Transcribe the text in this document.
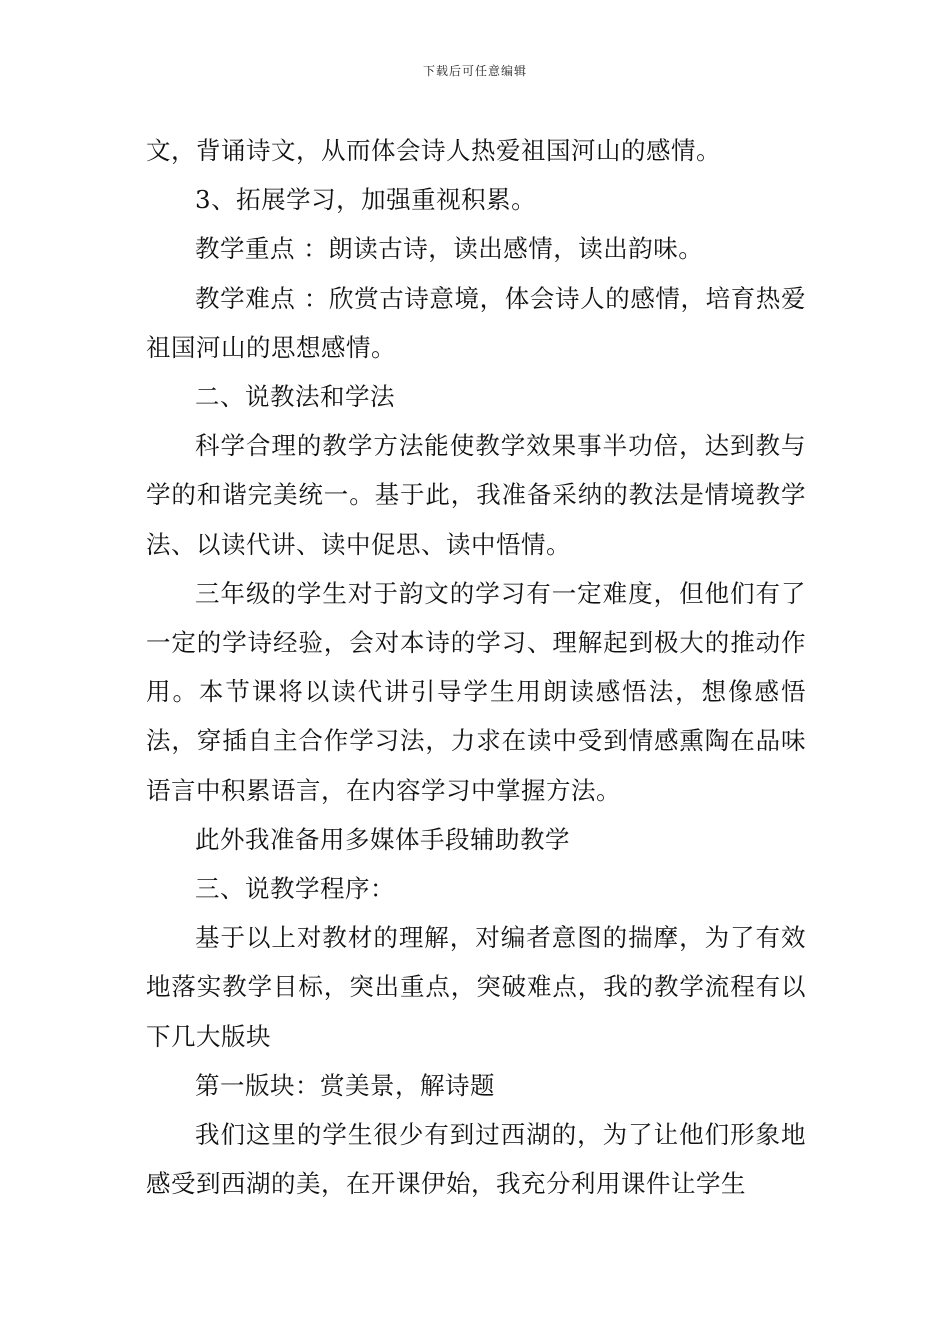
下载后可任意编辑

文，背诵诗文，从而体会诗人热爱祖国河山的感情。

3、拓展学习，加强重视积累。

教学重点 ：朗读古诗，读出感情，读出韵味。

教学难点 ：欣赏古诗意境，体会诗人的感情，培育热爱祖国河山的思想感情。

二、说教法和学法

科学合理的教学方法能使教学效果事半功倍，达到教与学的和谐完美统一。基于此，我准备采纳的教法是情境教学法、以读代讲、读中促思、读中悟情。

三年级的学生对于韵文的学习有一定难度，但他们有了一定的学诗经验，会对本诗的学习、理解起到极大的推动作用。本节课将以读代讲引导学生用朗读感悟法，想像感悟法，穿插自主合作学习法，力求在读中受到情感熏陶在品味语言中积累语言，在内容学习中掌握方法。

此外我准备用多媒体手段辅助教学

三、说教学程序：

基于以上对教材的理解，对编者意图的揣摩，为了有效地落实教学目标，突出重点，突破难点，我的教学流程有以下几大版块

第一版块：赏美景，解诗题

我们这里的学生很少有到过西湖的，为了让他们形象地感受到西湖的美，在开课伊始，我充分利用课件让学生
